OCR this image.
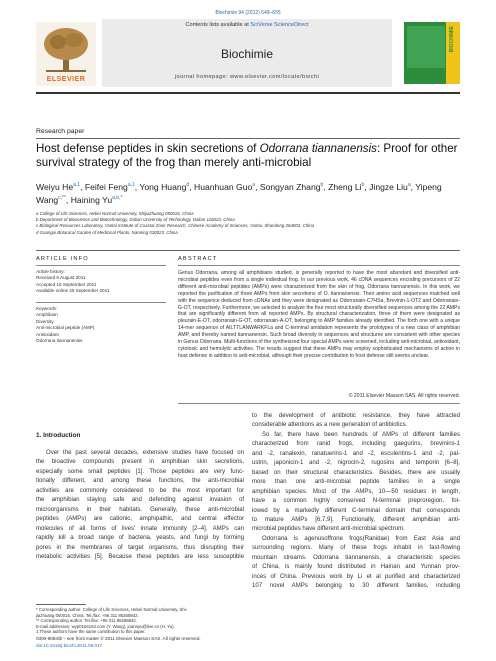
Biochimie 94 (2012) 649–655
ELSEVIER
Contents lists available at SciVerse ScienceDirect
Biochimie
journal homepage: www.elsevier.com/locate/biochi
BIOCHIMIE
Research paper
Host defense peptides in skin secretions of Odorrana tiannanensis: Proof for other survival strategy of the frog than merely anti-microbial
Weiyu He$^{a,1}$, Feifei Feng$^{a,1}$, Yong Huang$^d$, Huanhuan Guo$^a$, Songyan Zhang$^b$, Zheng Li$^b$, Jingze Liu$^a$, Yipeng Wang$^{c,**}$, Haining $Yu^{a,b,*}$
a College of Life Sciences, Hebei Normal University, Shijiazhuang 050016, China
b Department of Bioscience and Biotechnology, Dalian University of Technology, Dalian 116023, China
c Biological Resources Laboratory, Yantai Institute of Coastal Zone Research, Chinese Academy of Sciences, Yantai, Shandong 264003, China
d Guangxi Botanical Garden of Medicinal Plants, Nanning 530023, China
ARTICLE INFO
Article history:
Received 6 August 2011
Accepted 16 September 2011
Available online 25 September 2011
Keywords:
Amphibian
Diversity
Anti-microbial peptide (AMP)
Antioxidant
Odorrana tiannanensis
ABSTRACT
Genus Odorrana, among all amphibians studied, is generally reported to have the most abundant and diversified anti-microbial peptides even from a single individual frog. In our previous work, 46 cDNA sequences encoding precursors of 22 different anti-microbial peptides (AMPs) were characterized from the skin of frog, Odorrana tiannanensis. In this work, we reported the purification of three AMPs from skin secretions of O. tiannanensis. Their amino acid sequences matched well with the sequence deduced from cDNAs and they were designated as Odorranain-C7HSa, Brevinin-1-OT2 and Odorranain-G-OT, respectively. Furthermore, we selected to analyze the four most structurally diversified sequences among the 22 AMPs that are significantly different from all reported AMPs. By structural characterization, three of them were designated as pleurain-E-OT, odorranain-G-OT, odorranain-A-OT, belonging to AMP families already identified. The forth one with a unique 14-mer sequence of AILTTLANWARKFLa and C-terminal amidation represents the prototypes of a new class of amphibian AMP, and thereby named tiannanensin. Such broad diversity in sequences and structures are consistent with other species in Genus Odorrana. Multi-functions of the synthesized four special AMPs were screened, including anti-microbial, antioxidant, cytotoxic and hemolytic activities. The results suggest that these AMPs may employ sophisticated mechanisms of action in host defense in addition to anti-microbial, although their precise contribution to host defense still seems unclear.
© 2011 Elsevier Masson SAS. All rights reserved.
1. Introduction
Over the past several decades, extensive studies have focused on
the bioactive compounds present in amphibian skin secretions,
especially some small peptides [1]. Those peptides are very func-
tionally different, and among these functions, the anti-microbial
activities are commonly considered to be the most important for
the amphibian staying safe and defending against invasion of
microorganisms in their habitats. Generally, these anti-microbial
peptides (AMPs) are cationic, amphipathic, and central effector
molecules of all forms of lives' innate immunity [2–4]. AMPs can
rapidly kill a broad range of bacteria, yeasts, and fungi by forming
pores in the membranes of target organisms, thus disrupting their
metabolic activities [5]. Because these peptides are less susceptible
to the development of antibiotic resistance, they have attracted
considerable attentions as a new generation of antibiotics.
So far, there have been hundreds of AMPs of different families
characterized from ranid frogs, including gaegurins, brevinins-1
and -2, ranalexin, ranatuerins-1 and -2, esculentins-1 and -2, pal-
ustrin, japonicin-1 and -2, nigrocin-2, rugosins and temporin [6–8],
based on their structural characteristics. Besides, there are usually
more than one anti-microbial peptide families in a single
amphibian species. Most of the AMPs, 10—50 residues in length,
have a common highly conserved N-terminal preproregion, fol-
lowed by a markedly different C-terminal domain that corresponds
to mature AMPs [6,7,9]. Functionally, different amphibian anti-
microbial peptides have different anti-microbial spectrum.
Odorrana is agenusoffrone frogs(Ranidae) from East Asia and
surrounding regions. Many of these frogs inhabit in fast-flowing
mountain streams. Odorrana tiannanensis, a characteristic species
of China, is mainly found distributed in Hainan and Yunnan prov-
inces of China. Previous work by Li et al purified and characterized
107 novel AMPs belonging to 30 different families, including
* Corresponding author. College of Life Sciences, Hebei Normal University, Shi-
jiazhuang 050016, China. Tel./fax: +86 311 86268842.
** Corresponding author. Tel./fax: +86 311 86268842.
E-mail addresses: wyp0164163.com (Y. Wang), joannyu@live.cn (H. Yu).
1 These authors have the same contribution to this paper.
0300-9084/$ – see front matter © 2011 Elsevier Masson SAS. All rights reserved.
doi:10.1016/j.biochi.2011.09.017
